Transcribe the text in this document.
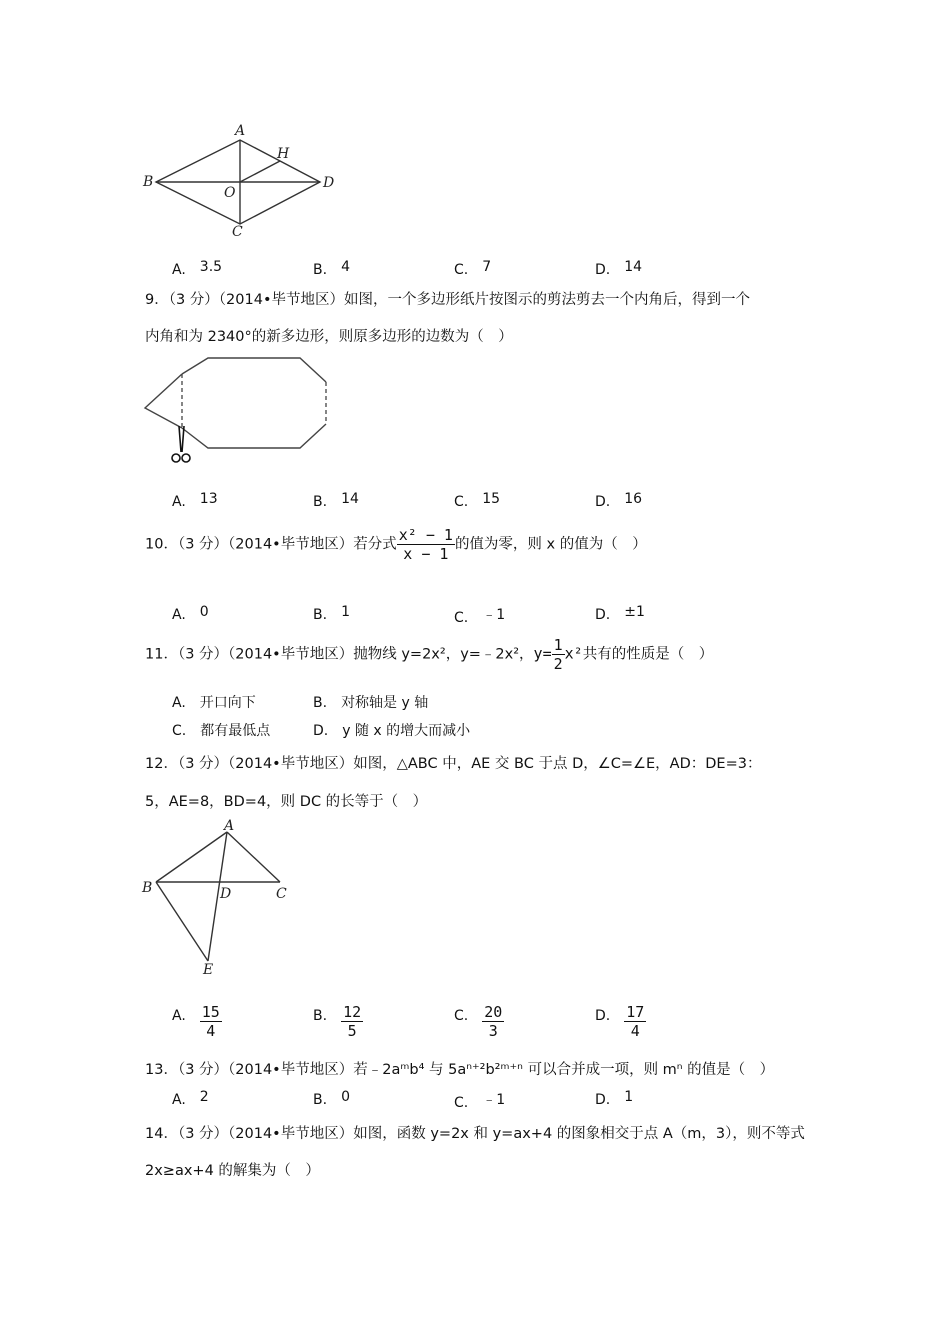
A
B	D
C
O
H
A. 3.5	B. 4	C. 7	D. 14
9．（3 分）（2014•毕节地区）如图，一个多边形纸片按图示的剪法剪去一个内角后，得到一个
内角和为 2340°的新多边形，则原多边形的边数为（　）
A. 13	B. 14	C. 15	D. 16
10．（3 分）（2014•毕节地区）若分式 $\frac{\text{x² − 1}}{x - 1}$ 的值为零，则 x 的值为（　）
A. 0	B. 1	C. ﹣1	D. ±1
11．（3 分）（2014•毕节地区）抛物线 y=2x²，y=﹣2x²，$y= \frac{1}{2} x^2$共有的性质是（　）
A. 开口向下	B. 对称轴是 y 轴
C. 都有最低点	D. y 随 x 的增大而减小
12．（3 分）（2014•毕节地区）如图，△ABC 中，AE 交 BC 于点 D，∠C=∠E，AD：DE=3：
5，AE=8，BD=4，则 DC 的长等于（　）
A
B	C
D
E
A. $\frac{15}{4}$	B. $\frac{12}{5}$	C. $\frac{20}{3}$	D. $\frac{17}{4}$
13．（3 分）（2014•毕节地区）若﹣2aᵐb⁴ 与 5aⁿ⁺²b²ᵐ⁺ⁿ 可以合并成一项，则 mⁿ 的值是（　）
A. 2	B. 0	C. ﹣1	D. 1
14．（3 分）（2014•毕节地区）如图，函数 y=2x 和 y=ax+4 的图象相交于点 A（m，3），则不等式
2x≥ax+4 的解集为（　）
